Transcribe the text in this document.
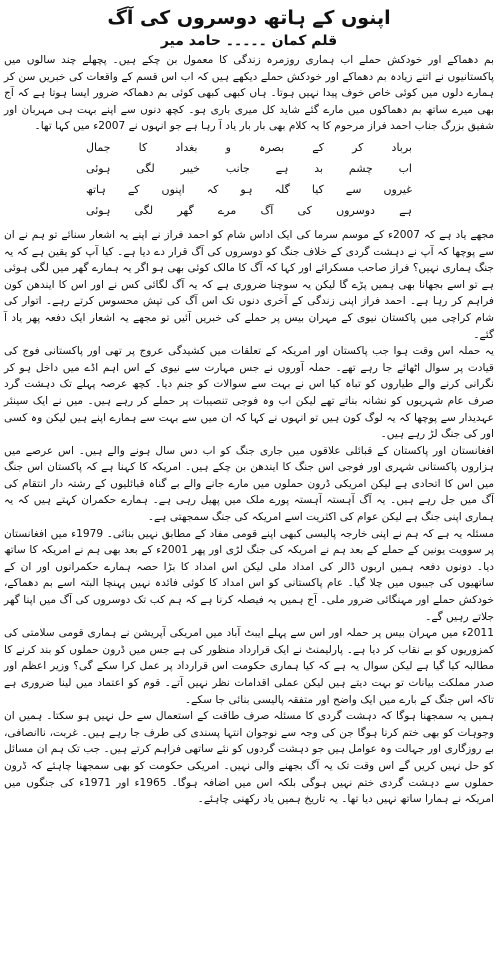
اپنوں کے ہاتھ دوسروں کی آگ
قلم کمان ۔۔۔۔۔ حامد میر

بم دھماکے اور خودکش حملے اب ہماری روزمرہ زندگی کا معمول بن چکے ہیں۔ پچھلے چند سالوں میں پاکستانیوں نے اتنے زیادہ بم دھماکے اور خودکش حملے دیکھے ہیں کہ اب اس قسم کے واقعات کی خبریں سن کر ہمارے دلوں میں کوئی خاص خوف پیدا نہیں ہوتا۔ ہاں کبھی کبھی کوئی بم دھماکہ ضرور ایسا ہوتا ہے کہ آج بھی میرے ساتھ بم دھماکوں میں مارے گئے شاید کل میری باری ہو۔ کچھ دنوں سے اپنے بہت ہی مہربان اور شفیق بزرگ جناب احمد فراز مرحوم کا یہ کلام بھی بار بار یاد آ رہا ہے جو انہوں نے 2007ء میں کہا تھا۔

برباد
کر
کے
بصرہ
و
بغداد
کا
جمال
اب
چشم
بد
ہے
جانب
خیبر
لگی
ہوئی
غیروں
سے
کیا
گلہ
ہو
کہ
اپنوں
کے
ہاتھ
ہے
دوسروں
کی
آگ
مرے
گھر
لگی
ہوئی

مجھے یاد ہے کہ 2007ء کے موسم سرما کی ایک اداس شام کو احمد فراز نے اپنے یہ اشعار سنائے تو ہم نے ان سے پوچھا کہ آپ نے دہشت گردی کے خلاف جنگ کو دوسروں کی آگ قرار دے دیا ہے۔ کیا آپ کو یقین ہے کہ یہ جنگ ہماری نہیں؟ فراز صاحب مسکرائے اور کہا کہ آگ کا مالک کوئی بھی ہو اگر یہ ہمارے گھر میں لگی ہوئی ہے تو اسے بجھانا بھی ہمیں پڑے گا لیکن یہ سوچنا ضروری ہے کہ یہ آگ لگائی کس نے اور اس کا ایندھن کون فراہم کر رہا ہے۔ احمد فراز اپنی زندگی کے آخری دنوں تک اس آگ کی تپش محسوس کرتے رہے۔ اتوار کی شام کراچی میں پاکستان نیوی کے مہران بیس پر حملے کی خبریں آئیں تو مجھے یہ اشعار ایک دفعہ پھر یاد آ گئے۔

یہ حملہ اس وقت ہوا جب پاکستان اور امریکہ کے تعلقات میں کشیدگی عروج پر تھی اور پاکستانی فوج کی قیادت پر سوال اٹھائے جا رہے تھے۔ حملہ آوروں نے جس مہارت سے نیوی کے اس اہم اڈے میں داخل ہو کر نگرانی کرنے والے طیاروں کو تباہ کیا اس نے بہت سے سوالات کو جنم دیا۔ کچھ عرصہ پہلے تک دہشت گرد صرف عام شہریوں کو نشانہ بناتے تھے لیکن اب وہ فوجی تنصیبات پر حملے کر رہے ہیں۔ میں نے ایک سینئر عہدیدار سے پوچھا کہ یہ لوگ کون ہیں تو انہوں نے کہا کہ ان میں سے بہت سے ہمارے اپنے ہیں لیکن وہ کسی اور کی جنگ لڑ رہے ہیں۔

افغانستان اور پاکستان کے قبائلی علاقوں میں جاری جنگ کو اب دس سال ہونے والے ہیں۔ اس عرصے میں ہزاروں پاکستانی شہری اور فوجی اس جنگ کا ایندھن بن چکے ہیں۔ امریکہ کا کہنا ہے کہ پاکستان اس جنگ میں اس کا اتحادی ہے لیکن امریکی ڈرون حملوں میں مارے جانے والے بے گناہ قبائلیوں کے رشتہ دار انتقام کی آگ میں جل رہے ہیں۔ یہ آگ آہستہ آہستہ پورے ملک میں پھیل رہی ہے۔ ہمارے حکمران کہتے ہیں کہ یہ ہماری اپنی جنگ ہے لیکن عوام کی اکثریت اسے امریکہ کی جنگ سمجھتی ہے۔

مسئلہ یہ ہے کہ ہم نے اپنی خارجہ پالیسی کبھی اپنے قومی مفاد کے مطابق نہیں بنائی۔ 1979ء میں افغانستان پر سوویت یونین کے حملے کے بعد ہم نے امریکہ کی جنگ لڑی اور پھر 2001ء کے بعد بھی ہم نے امریکہ کا ساتھ دیا۔ دونوں دفعہ ہمیں اربوں ڈالر کی امداد ملی لیکن اس امداد کا بڑا حصہ ہمارے حکمرانوں اور ان کے ساتھیوں کی جیبوں میں چلا گیا۔ عام پاکستانی کو اس امداد کا کوئی فائدہ نہیں پہنچا البتہ اسے بم دھماکے، خودکش حملے اور مہنگائی ضرور ملی۔ آج ہمیں یہ فیصلہ کرنا ہے کہ ہم کب تک دوسروں کی آگ میں اپنا گھر جلاتے رہیں گے۔

2011ء میں مہران بیس پر حملہ اور اس سے پہلے ایبٹ آباد میں امریکی آپریشن نے ہماری قومی سلامتی کی کمزوریوں کو بے نقاب کر دیا ہے۔ پارلیمنٹ نے ایک قرارداد منظور کی ہے جس میں ڈرون حملوں کو بند کرنے کا مطالبہ کیا گیا ہے لیکن سوال یہ ہے کہ کیا ہماری حکومت اس قرارداد پر عمل کرا سکے گی؟ وزیر اعظم اور صدر مملکت بیانات تو بہت دیتے ہیں لیکن عملی اقدامات نظر نہیں آتے۔ قوم کو اعتماد میں لینا ضروری ہے تاکہ اس جنگ کے بارے میں ایک واضح اور متفقہ پالیسی بنائی جا سکے۔

ہمیں یہ سمجھنا ہوگا کہ دہشت گردی کا مسئلہ صرف طاقت کے استعمال سے حل نہیں ہو سکتا۔ ہمیں ان وجوہات کو بھی ختم کرنا ہوگا جن کی وجہ سے نوجوان انتہا پسندی کی طرف جا رہے ہیں۔ غربت، ناانصافی، بے روزگاری اور جہالت وہ عوامل ہیں جو دہشت گردوں کو نئے ساتھی فراہم کرتے ہیں۔ جب تک ہم ان مسائل کو حل نہیں کریں گے اس وقت تک یہ آگ بجھنے والی نہیں۔ امریکی حکومت کو بھی سمجھنا چاہئے کہ ڈرون حملوں سے دہشت گردی ختم نہیں ہوگی بلکہ اس میں اضافہ ہوگا۔ 1965ء اور 1971ء کی جنگوں میں امریکہ نے ہمارا ساتھ نہیں دیا تھا۔ یہ تاریخ ہمیں یاد رکھنی چاہئے۔
